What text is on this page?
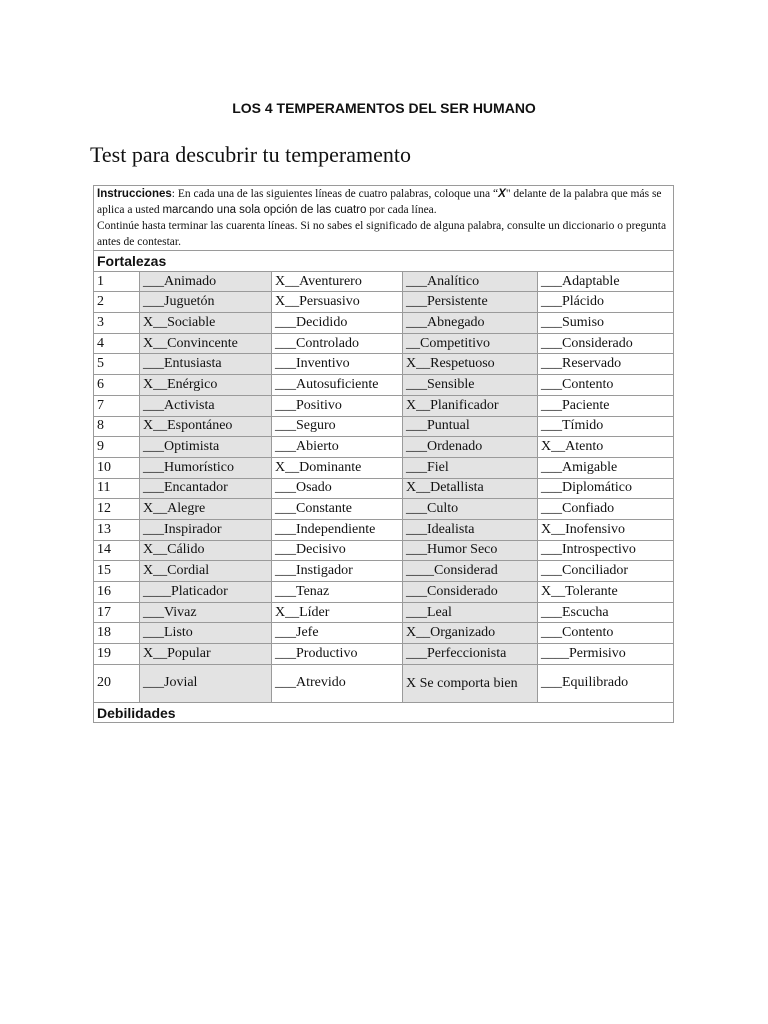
LOS 4 TEMPERAMENTOS DEL SER HUMANO
Test para descubrir tu temperamento
Instrucciones: En cada una de las siguientes líneas de cuatro palabras, coloque una “X" delante de la palabra que más se aplica a usted marcando una sola opción de las cuatro por cada línea.
Continúe hasta terminar las cuarenta líneas. Si no sabes el significado de alguna palabra, consulte un diccionario o pregunta antes de contestar.				
Fortalezas				
1	___Animado	X__Aventurero	___Analítico	___Adaptable
2	___Juguetón	X__Persuasivo	___Persistente	___Plácido
3	X__Sociable	___Decidido	___Abnegado	___Sumiso
4	X__Convincente	___Controlado	__Competitivo	___Considerado
5	___Entusiasta	___Inventivo	X__Respetuoso	___Reservado
6	X__Enérgico	___Autosuficiente	___Sensible	___Contento
7	___Activista	___Positivo	X__Planificador	___Paciente
8	X__Espontáneo	___Seguro	___Puntual	___Tímido
9	___Optimista	___Abierto	___Ordenado	X__Atento
10	___Humorístico	X__Dominante	___Fiel	___Amigable
11	___Encantador	___Osado	X__Detallista	___Diplomático
12	X__Alegre	___Constante	___Culto	___Confiado
13	___Inspirador	___Independiente	___Idealista	X__Inofensivo
14	X__Cálido	___Decisivo	___Humor Seco	___Introspectivo
15	X__Cordial	___Instigador	____Considerad	___Conciliador
16	____Platicador	___Tenaz	___Considerado	X__Tolerante
17	___Vivaz	X__Líder	___Leal	___Escucha
18	___Listo	___Jefe	X__Organizado	___Contento
19	X__Popular	___Productivo	___Perfeccionista	____Permisivo
20	___Jovial	___Atrevido	X Se comporta bien	___Equilibrado
Debilidades				
